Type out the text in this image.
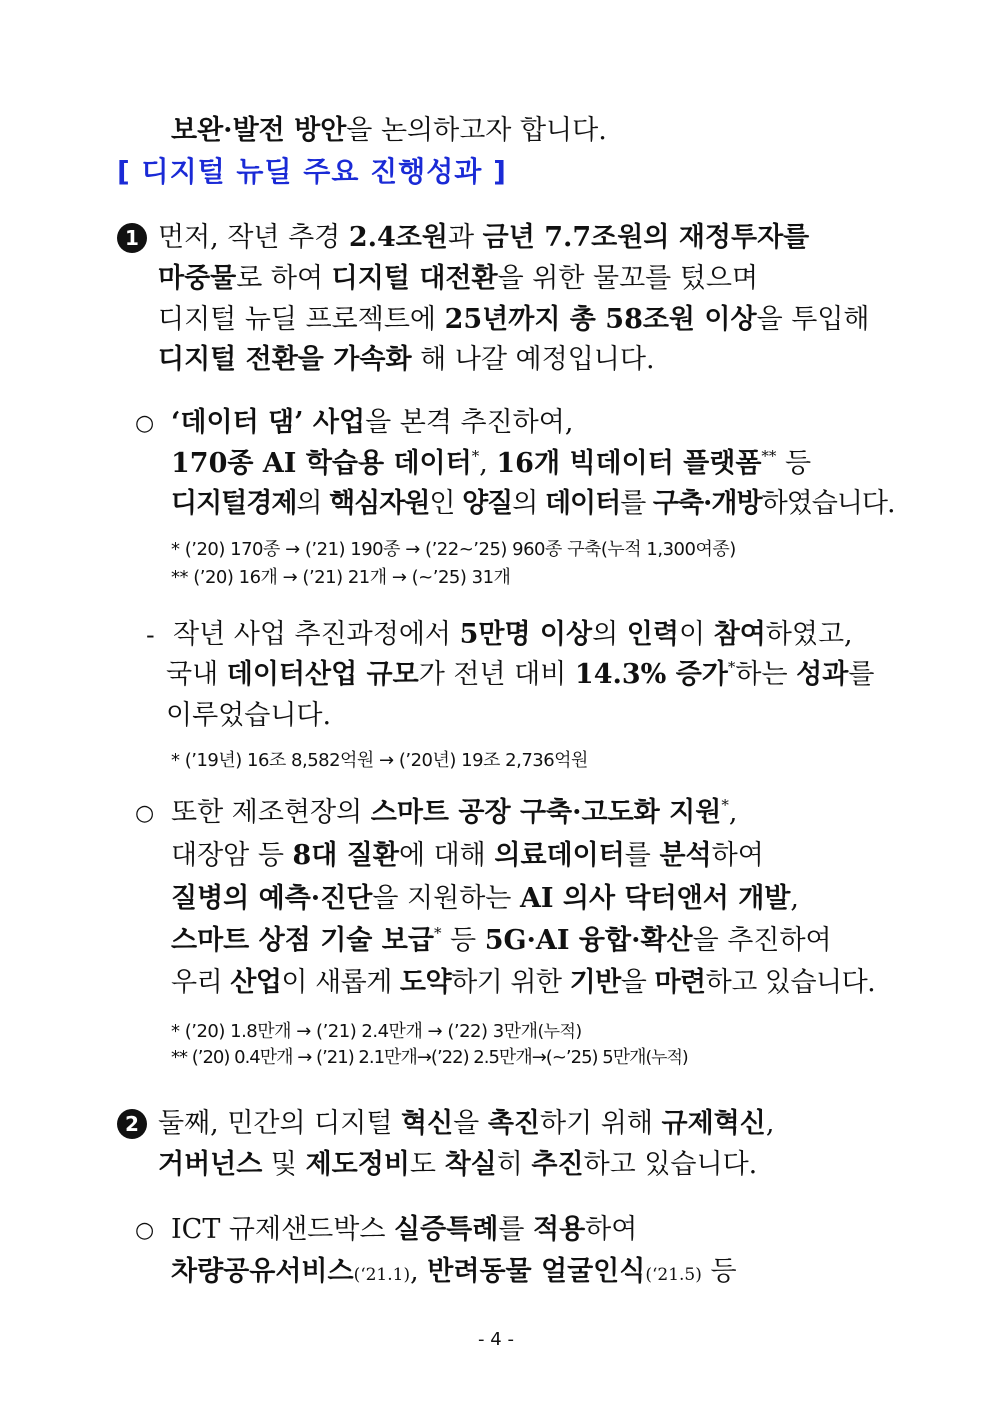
보완·발전 방안을 논의하고자 합니다.
[ 디지털 뉴딜 주요 진행성과 ]
1 먼저, 작년 추경 2.4조원과 금년 7.7조원의 재정투자를
마중물로 하여 디지털 대전환을 위한 물꼬를 텄으며
디지털 뉴딜 프로젝트에 25년까지 총 58조원 이상을 투입해
디지털 전환을 가속화 해 나갈 예정입니다.
○ ‘데이터 댐’ 사업을 본격 추진하여,
170종 AI 학습용 데이터*, 16개 빅데이터 플랫폼** 등
디지털경제의 핵심자원인 양질의 데이터를 구축·개방하였습니다.
* (’20) 170종 → (’21) 190종 → (’22~’25) 960종 구축(누적 1,300여종)
** (’20) 16개 → (’21) 21개 → (~’25) 31개
- 작년 사업 추진과정에서 5만명 이상의 인력이 참여하였고,
국내 데이터산업 규모가 전년 대비 14.3% 증가*하는 성과를
이루었습니다.
* (’19년) 16조 8,582억원 → (’20년) 19조 2,736억원
○ 또한 제조현장의 스마트 공장 구축·고도화 지원*,
대장암 등 8대 질환에 대해 의료데이터를 분석하여
질병의 예측·진단을 지원하는 AI 의사 닥터앤서 개발,
스마트 상점 기술 보급* 등 5G·AI 융합·확산을 추진하여
우리 산업이 새롭게 도약하기 위한 기반을 마련하고 있습니다.
* (’20) 1.8만개 → (’21) 2.4만개 → (’22) 3만개(누적)
** (’20) 0.4만개 → (’21) 2.1만개→(’22) 2.5만개→(~’25) 5만개(누적)
2 둘째, 민간의 디지털 혁신을 촉진하기 위해 규제혁신,
거버넌스 및 제도정비도 착실히 추진하고 있습니다.
○ ICT 규제샌드박스 실증특례를 적용하여
차량공유서비스(‘21.1), 반려동물 얼굴인식(‘21.5) 등
- 4 -
